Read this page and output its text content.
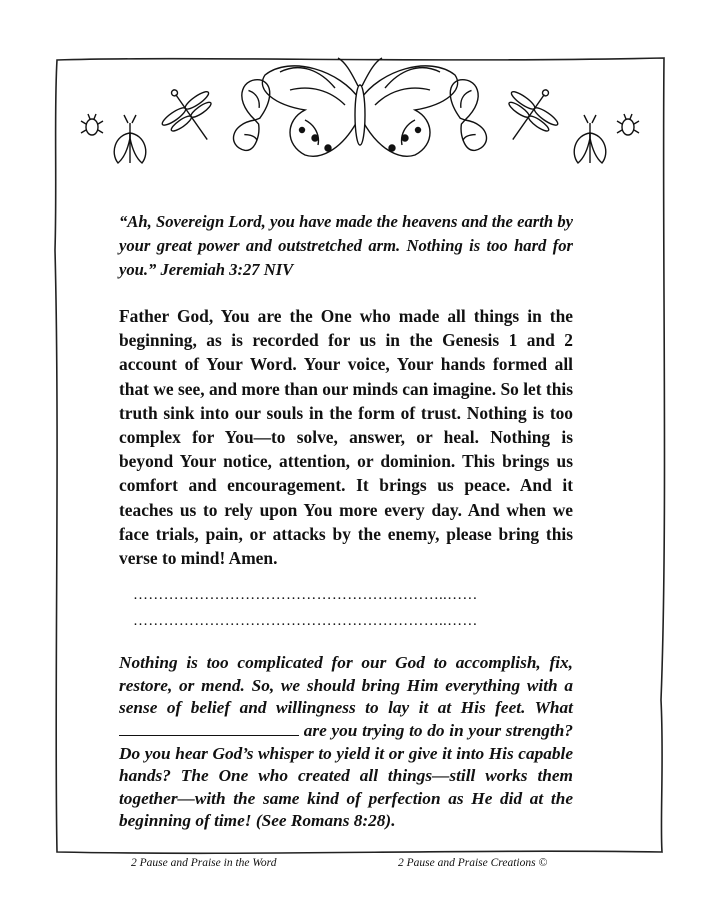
“Ah, Sovereign Lord, you have made the heavens and the earth by your great power and outstretched arm. Nothing is too hard for you.” Jeremiah 3:27 NIV

Father God, You are the One who made all things in the beginning, as is recorded for us in the Genesis 1 and 2 account of Your Word. Your voice, Your hands formed all that we see, and more than our minds can imagine. So let this truth sink into our souls in the form of trust. Nothing is too complex for You—to solve, answer, or heal. Nothing is beyond Your notice, attention, or dominion. This brings us comfort and encouragement. It brings us peace. And it teaches us to rely upon You more every day. And when we face trials, pain, or attacks by the enemy, please bring this verse to mind! Amen.

……………………………………………………..……
……………………………………………………..……

Nothing is too complicated for our God to accomplish, fix, restore, or mend. So, we should bring Him everything with a sense of belief and willingness to lay it at His feet. What  are you trying to do in your strength? Do you hear God’s whisper to yield it or give it into His capable hands? The One who created all things—still works them together—with the same kind of perfection as He did at the beginning of time! (See Romans 8:28).

2 Pause and Praise in the Word	2 Pause and Praise Creations ©
